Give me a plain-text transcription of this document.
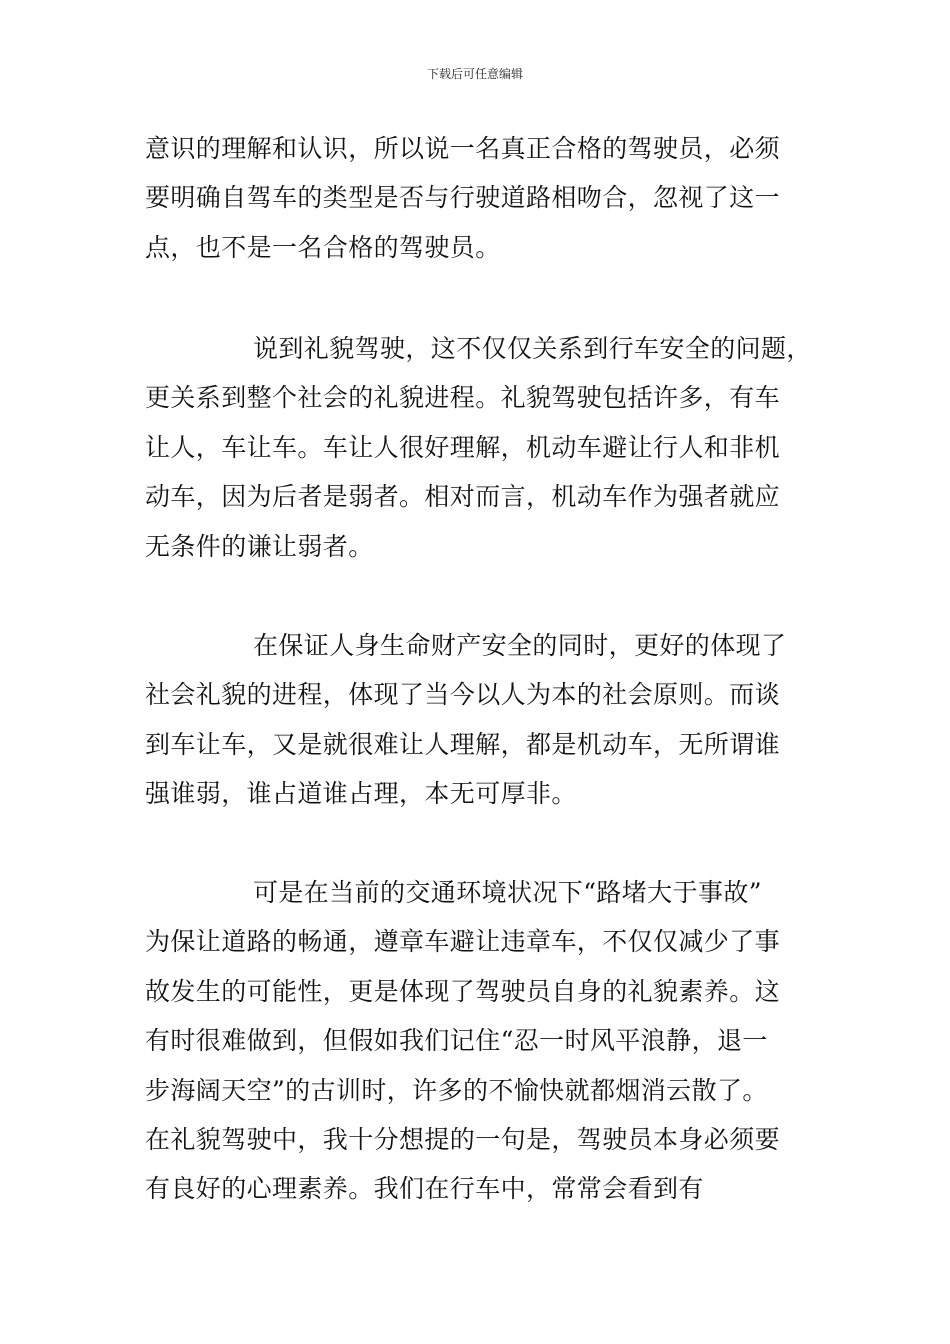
下载后可任意编辑
意识的理解和认识，所以说一名真正合格的驾驶员，必须
要明确自驾车的类型是否与行驶道路相吻合，忽视了这一
点，也不是一名合格的驾驶员。
说到礼貌驾驶，这不仅仅关系到行车安全的问题，
更关系到整个社会的礼貌进程。礼貌驾驶包括许多，有车
让人，车让车。车让人很好理解，机动车避让行人和非机
动车，因为后者是弱者。相对而言，机动车作为强者就应
无条件的谦让弱者。
在保证人身生命财产安全的同时，更好的体现了
社会礼貌的进程，体现了当今以人为本的社会原则。而谈
到车让车，又是就很难让人理解，都是机动车，无所谓谁
强谁弱，谁占道谁占理，本无可厚非。
可是在当前的交通环境状况下“路堵大于事故”
为保让道路的畅通，遵章车避让违章车，不仅仅减少了事
故发生的可能性，更是体现了驾驶员自身的礼貌素养。这
有时很难做到，但假如我们记住“忍一时风平浪静，退一
步海阔天空”的古训时，许多的不愉快就都烟消云散了。
在礼貌驾驶中，我十分想提的一句是，驾驶员本身必须要
有良好的心理素养。我们在行车中，常常会看到有
